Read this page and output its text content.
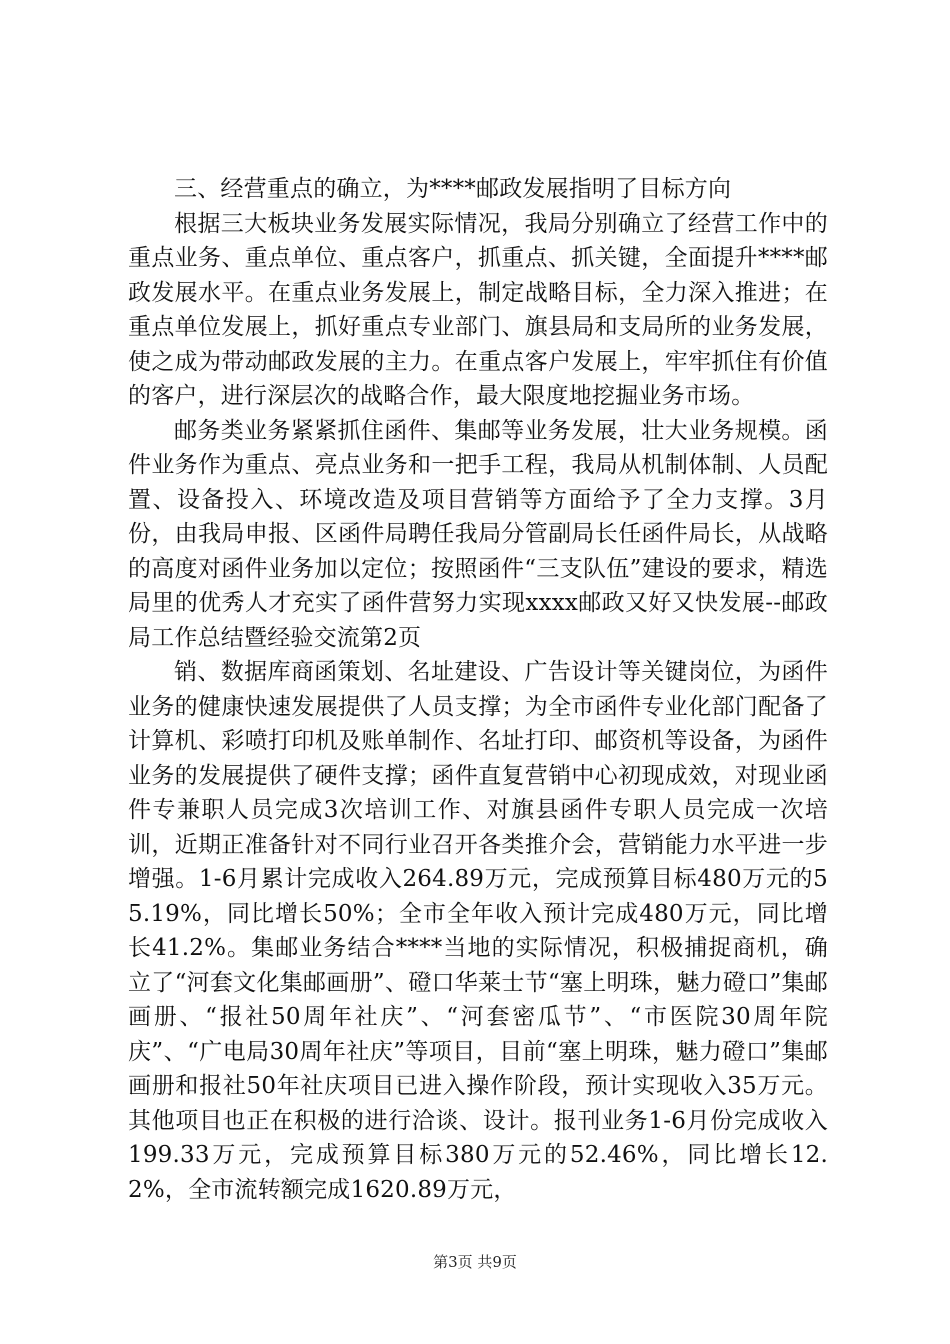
三、经营重点的确立，为****邮政发展指明了目标方向

根据三大板块业务发展实际情况，我局分别确立了经营工作中的重点业务、重点单位、重点客户，抓重点、抓关键，全面提升****邮政发展水平。在重点业务发展上，制定战略目标，全力深入推进；在重点单位发展上，抓好重点专业部门、旗县局和支局所的业务发展，使之成为带动邮政发展的主力。在重点客户发展上，牢牢抓住有价值的客户，进行深层次的战略合作，最大限度地挖掘业务市场。

邮务类业务紧紧抓住函件、集邮等业务发展，壮大业务规模。函件业务作为重点、亮点业务和一把手工程，我局从机制体制、人员配置、设备投入、环境改造及项目营销等方面给予了全力支撑。3月份，由我局申报、区函件局聘任我局分管副局长任函件局长，从战略的高度对函件业务加以定位；按照函件“三支队伍”建设的要求，精选局里的优秀人才充实了函件营努力实现xxxx邮政又好又快发展--邮政局工作总结暨经验交流第2页

销、数据库商函策划、名址建设、广告设计等关键岗位，为函件业务的健康快速发展提供了人员支撑；为全市函件专业化部门配备了计算机、彩喷打印机及账单制作、名址打印、邮资机等设备，为函件业务的发展提供了硬件支撑；函件直复营销中心初现成效，对现业函件专兼职人员完成3次培训工作、对旗县函件专职人员完成一次培训，近期正准备针对不同行业召开各类推介会，营销能力水平进一步增强。1-6月累计完成收入264.89万元，完成预算目标480万元的55.19%，同比增长50%；全市全年收入预计完成480万元，同比增长41.2%。集邮业务结合****当地的实际情况，积极捕捉商机，确立了“河套文化集邮画册”、磴口华莱士节“塞上明珠，魅力磴口”集邮画册、“报社50周年社庆”、“河套密瓜节”、“市医院30周年院庆”、“广电局30周年社庆”等项目，目前“塞上明珠，魅力磴口”集邮画册和报社50年社庆项目已进入操作阶段，预计实现收入35万元。其他项目也正在积极的进行洽谈、设计。报刊业务1-6月份完成收入199.33万元，完成预算目标380万元的52.46%，同比增长12.2%，全市流转额完成1620.89万元，

第3页 共9页
